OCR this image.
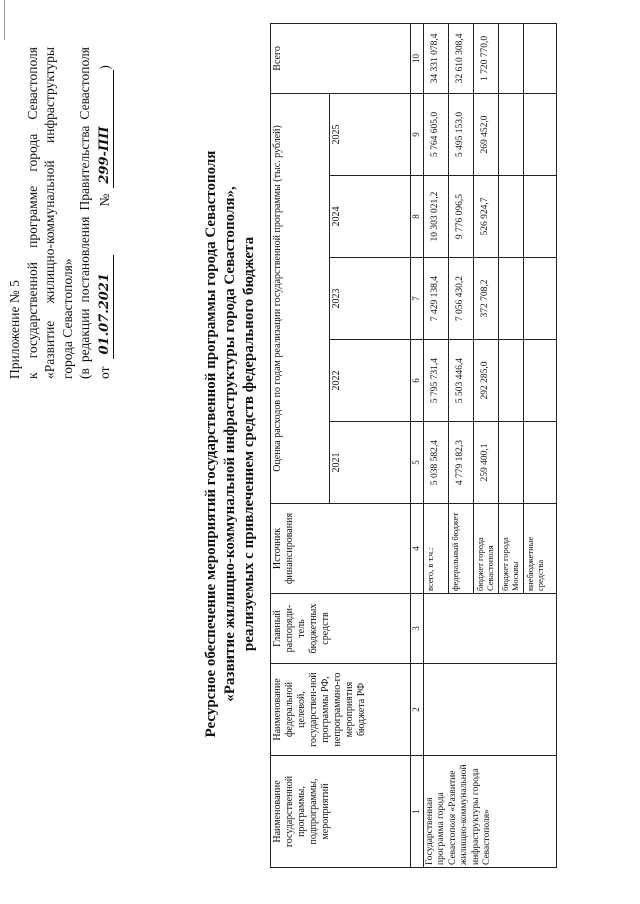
Приложение № 5 к
государственной
программе
города
Севастополя
«Развитие
жилищно-коммунальной
инфраструктуры
города Севастополя» (в
редакции
постановления
Правительства
Севастополя
от
01.07.2021
№
299-ПП

)
Ресурсное обеспечение мероприятий государственной программы города Севастополя «Развитие жилищно-коммунальной инфраструктуры города Севастополя», реализуемых с привлечением средств федерального бюджета
Наименование государственной программы, подпрограммы, мероприятий	Наименование федеральной целевой, государствен-ной программы РФ, непрограммно-го мероприятия бюджета РФ	Главный распоряди-тель бюджетных средств	Источник финансирования	Оценка расходов по годам реализации государственной программы (тыс. рублей)					Всего
				2021	2022	2023	2024	2025	
1	2	3	4	5	6	7	8	9	10
Государственная программа города Севастополя «Развитие жилищно-коммунальной инфраструктуры города Севастополя»			всего, в т.ч.:	5 038 582,4	5 795 731,4	7 429 138,4	10 303 021,2	5 764 605,0	34 331 078,4
			федеральный бюджет	4 779 182,3	5 503 446,4	7 056 430,2	9 776 096,5	5 495 153,0	32 610 308,4
			бюджет города Севастополя	259 400,1	292 285,0	372 708,2	526 924,7	269 452,0	1 720 770,0
			бюджет города Москвы						
			внебюджетные средства						
